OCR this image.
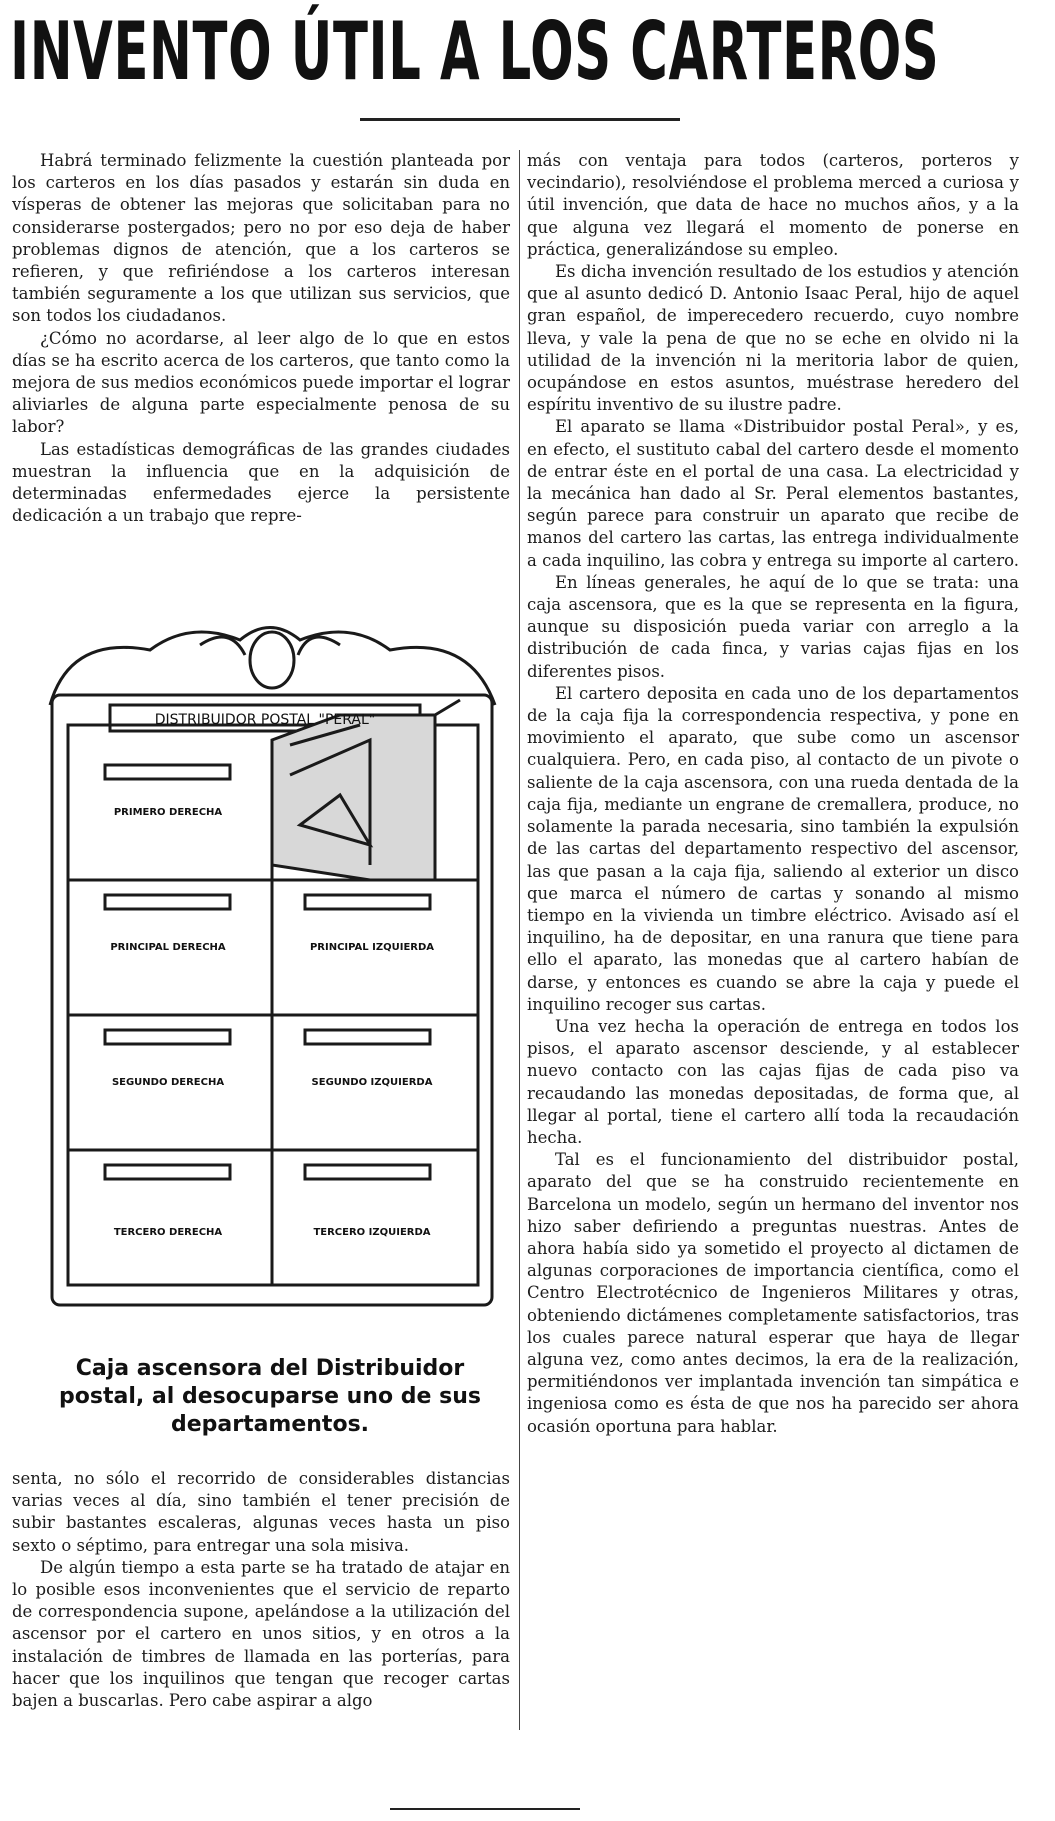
INVENTO ÚTIL A LOS CARTEROS

Habrá terminado felizmente la cuestión planteada por los carteros en los días pasados y estarán sin duda en vísperas de obtener las mejoras que solicitaban para no considerarse postergados; pero no por eso deja de haber problemas dignos de atención, que a los carteros se refieren, y que refiriéndose a los carteros interesan también seguramente a los que utilizan sus servicios, que son todos los ciudadanos.

¿Cómo no acordarse, al leer algo de lo que en estos días se ha escrito acerca de los carteros, que tanto como la mejora de sus medios económicos puede importar el lograr aliviarles de alguna parte especialmente penosa de su labor?

Las estadísticas demográficas de las grandes ciudades muestran la influencia que en la adquisición de determinadas enfermedades ejerce la persistente dedicación a un trabajo que repre-

DISTRIBUIDOR POSTAL "PERAL"
PRIMERO DERECHA
PRINCIPAL DERECHA	PRINCIPAL IZQUIERDA
SEGUNDO DERECHA	SEGUNDO IZQUIERDA
TERCERO DERECHA	TERCERO IZQUIERDA

Caja ascensora del Distribuidor
postal, al desocuparse uno de sus
departamentos.

senta, no sólo el recorrido de considerables distancias varias veces al día, sino también el tener precisión de subir bastantes escaleras, algunas veces hasta un piso sexto o séptimo, para entregar una sola misiva.

De algún tiempo a esta parte se ha tratado de atajar en lo posible esos inconvenientes que el servicio de reparto de correspondencia supone, apelándose a la utilización del ascensor por el cartero en unos sitios, y en otros a la instalación de timbres de llamada en las porterías, para hacer que los inquilinos que tengan que recoger cartas bajen a buscarlas. Pero cabe aspirar a algo

más con ventaja para todos (carteros, porteros y vecindario), resolviéndose el problema merced a curiosa y útil invención, que data de hace no muchos años, y a la que alguna vez llegará el momento de ponerse en práctica, generalizándose su empleo.

Es dicha invención resultado de los estudios y atención que al asunto dedicó D. Antonio Isaac Peral, hijo de aquel gran español, de imperecedero recuerdo, cuyo nombre lleva, y vale la pena de que no se eche en olvido ni la utilidad de la invención ni la meritoria labor de quien, ocupándose en estos asuntos, muéstrase heredero del espíritu inventivo de su ilustre padre.

El aparato se llama «Distribuidor postal Peral», y es, en efecto, el sustituto cabal del cartero desde el momento de entrar éste en el portal de una casa. La electricidad y la mecánica han dado al Sr. Peral elementos bastantes, según parece para construir un aparato que recibe de manos del cartero las cartas, las entrega individualmente a cada inquilino, las cobra y entrega su importe al cartero.

En líneas generales, he aquí de lo que se trata: una caja ascensora, que es la que se representa en la figura, aunque su disposición pueda variar con arreglo a la distribución de cada finca, y varias cajas fijas en los diferentes pisos.

El cartero deposita en cada uno de los departamentos de la caja fija la correspondencia respectiva, y pone en movimiento el aparato, que sube como un ascensor cualquiera. Pero, en cada piso, al contacto de un pivote o saliente de la caja ascensora, con una rueda dentada de la caja fija, mediante un engrane de cremallera, produce, no solamente la parada necesaria, sino también la expulsión de las cartas del departamento respectivo del ascensor, las que pasan a la caja fija, saliendo al exterior un disco que marca el número de cartas y sonando al mismo tiempo en la vivienda un timbre eléctrico. Avisado así el inquilino, ha de depositar, en una ranura que tiene para ello el aparato, las monedas que al cartero habían de darse, y entonces es cuando se abre la caja y puede el inquilino recoger sus cartas.

Una vez hecha la operación de entrega en todos los pisos, el aparato ascensor desciende, y al establecer nuevo contacto con las cajas fijas de cada piso va recaudando las monedas depositadas, de forma que, al llegar al portal, tiene el cartero allí toda la recaudación hecha.

Tal es el funcionamiento del distribuidor postal, aparato del que se ha construido recientemente en Barcelona un modelo, según un hermano del inventor nos hizo saber defiriendo a preguntas nuestras. Antes de ahora había sido ya sometido el proyecto al dictamen de algunas corporaciones de importancia científica, como el Centro Electrotécnico de Ingenieros Militares y otras, obteniendo dictámenes completamente satisfactorios, tras los cuales parece natural esperar que haya de llegar alguna vez, como antes decimos, la era de la realización, permitiéndonos ver implantada invención tan simpática e ingeniosa como es ésta de que nos ha parecido ser ahora ocasión oportuna para hablar.
